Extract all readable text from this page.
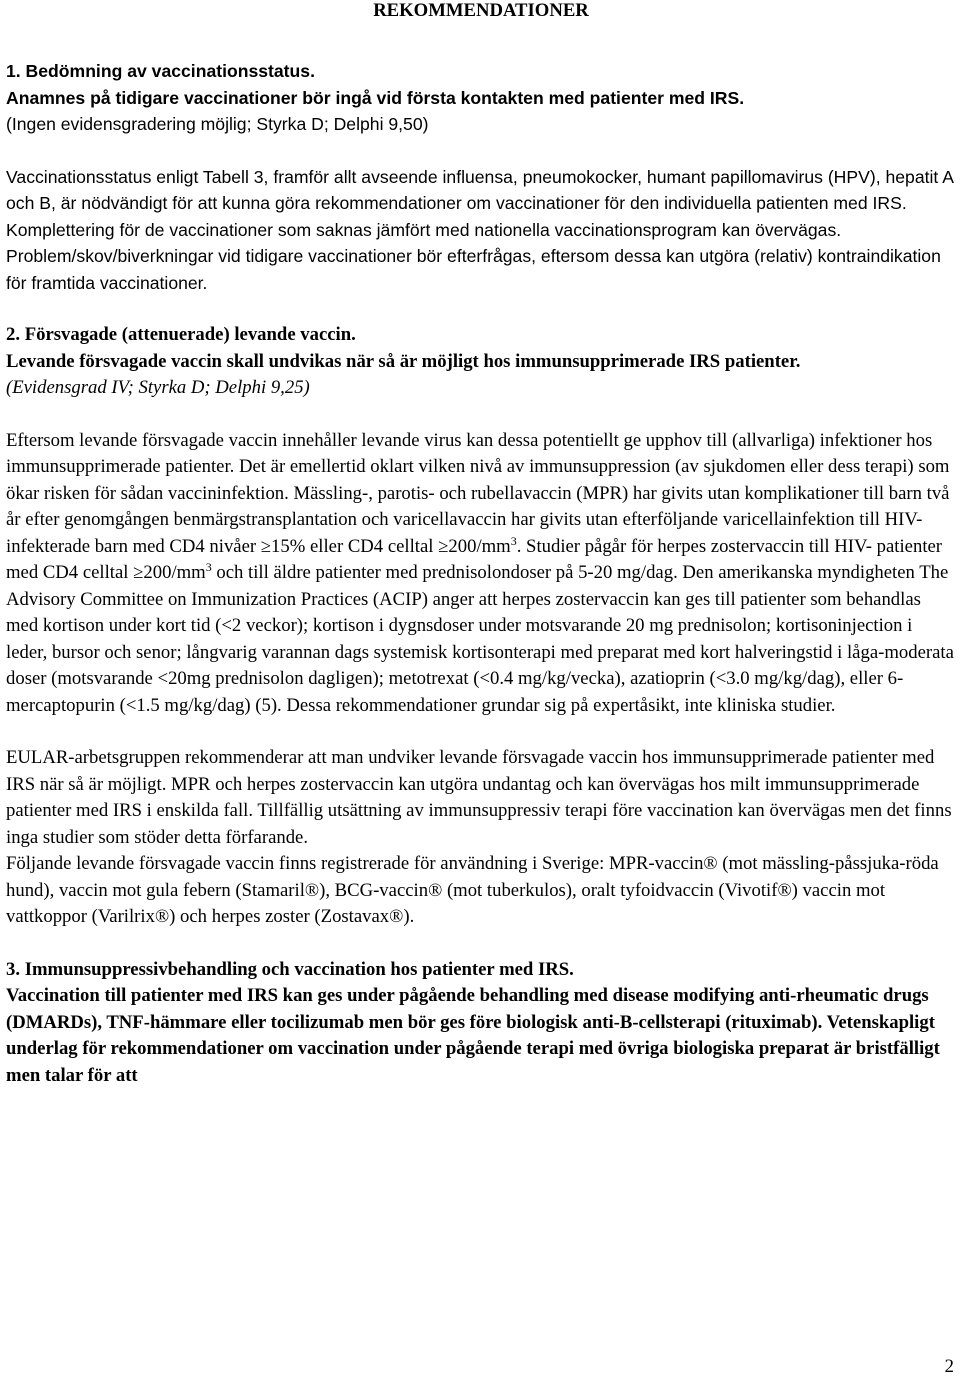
REKOMMENDATIONER

1. Bedömning av vaccinationsstatus.

Anamnes på tidigare vaccinationer bör ingå vid första kontakten med patienter med IRS.

(Ingen evidensgradering möjlig; Styrka D; Delphi 9,50)

Vaccinationsstatus enligt Tabell 3, framför allt avseende influensa, pneumokocker, humant papillomavirus (HPV), hepatit A och B, är nödvändigt för att kunna göra rekommendationer om vaccinationer för den individuella patienten med IRS. Komplettering för de vaccinationer som saknas jämfört med nationella vaccinationsprogram kan övervägas. Problem/skov/biverkningar vid tidigare vaccinationer bör efterfrågas, eftersom dessa kan utgöra (relativ) kontraindikation för framtida vaccinationer.

2. Försvagade (attenuerade) levande vaccin.

Levande försvagade vaccin skall undvikas när så är möjligt hos immunsupprimerade IRS patienter.

(Evidensgrad IV; Styrka D; Delphi 9,25)

Eftersom levande försvagade vaccin innehåller levande virus kan dessa potentiellt ge upphov till (allvarliga) infektioner hos immunsupprimerade patienter. Det är emellertid oklart vilken nivå av immunsuppression (av sjukdomen eller dess terapi) som ökar risken för sådan vaccininfektion. Mässling-, parotis- och rubellavaccin (MPR) har givits utan komplikationer till barn två år efter genomgången benmärgstransplantation och varicellavaccin har givits utan efterföljande varicellainfektion till HIV-infekterade barn med CD4 nivåer ≥15% eller CD4 celltal $\ge 200/mm^3$. Studier pågår för herpes zostervaccin till HIV- patienter med CD4 celltal $\ge 200/mm^3$ och till äldre patienter med prednisolondoser på 5-20 mg/dag. Den amerikanska myndigheten The Advisory Committee on Immunization Practices (ACIP) anger att herpes zostervaccin kan ges till patienter som behandlas med kortison under kort tid (<2 veckor); kortison i dygnsdoser under motsvarande 20 mg prednisolon; kortisoninjection i leder, bursor och senor; långvarig varannan dags systemisk kortisonterapi med preparat med kort halveringstid i låga-moderata doser (motsvarande <20mg prednisolon dagligen); metotrexat (<0.4 mg/kg/vecka), azatioprin (<3.0 mg/kg/dag), eller 6-mercaptopurin (<1.5 mg/kg/dag) (5). Dessa rekommendationer grundar sig på expertåsikt, inte kliniska studier.

EULAR-arbetsgruppen rekommenderar att man undviker levande försvagade vaccin hos immunsupprimerade patienter med IRS när så är möjligt. MPR och herpes zostervaccin kan utgöra undantag och kan övervägas hos milt immunsupprimerade patienter med IRS i enskilda fall. Tillfällig utsättning av immunsuppressiv terapi före vaccination kan övervägas men det finns inga studier som stöder detta förfarande.

Följande levande försvagade vaccin finns registrerade för användning i Sverige: MPR-vaccin® (mot mässling-påssjuka-röda hund), vaccin mot gula febern (Stamaril®), BCG-vaccin® (mot tuberkulos), oralt tyfoidvaccin (Vivotif®) vaccin mot vattkoppor (Varilrix®) och herpes zoster (Zostavax®).

3. Immunsuppressivbehandling och vaccination hos patienter med IRS.

Vaccination till patienter med IRS kan ges under pågående behandling med disease modifying anti-rheumatic drugs (DMARDs), TNF-hämmare eller tocilizumab men bör ges före biologisk anti-B-cellsterapi (rituximab). Vetenskapligt underlag för rekommendationer om vaccination under pågående terapi med övriga biologiska preparat är bristfälligt men talar för att

2
